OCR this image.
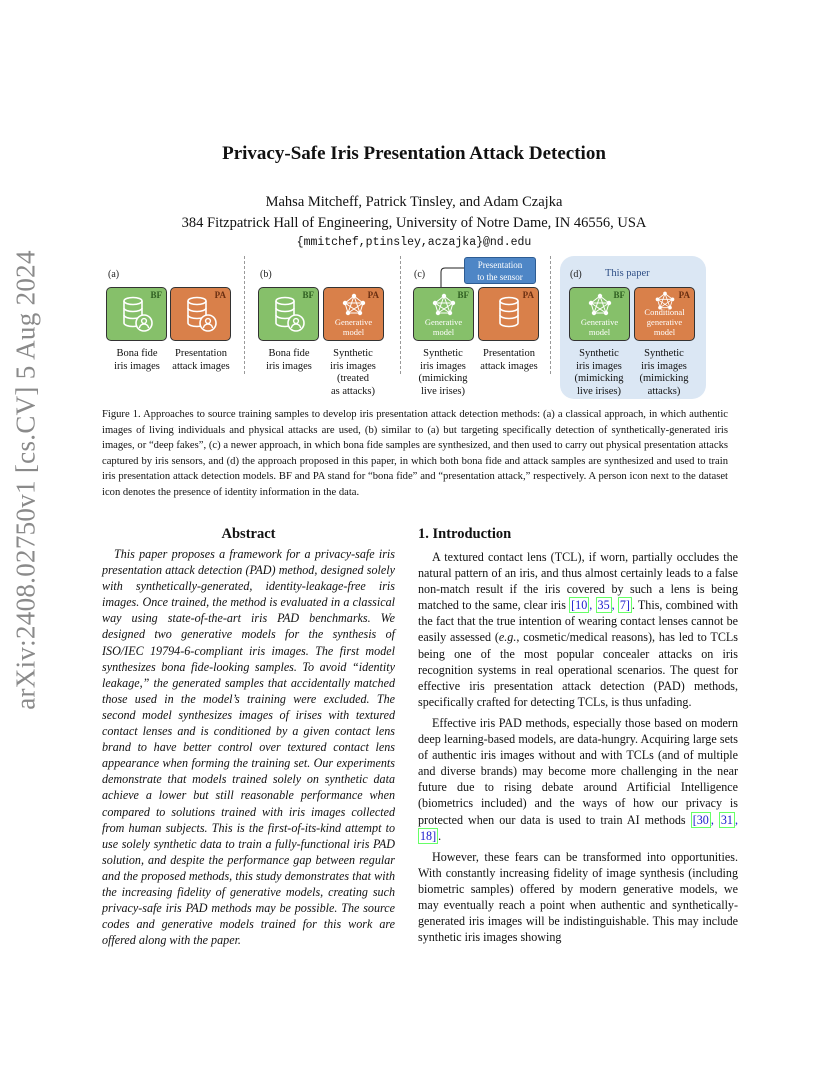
arXiv:2408.02750v1 [cs.CV] 5 Aug 2024
Privacy-Safe Iris Presentation Attack Detection
Mahsa Mitcheff, Patrick Tinsley, and Adam Czajka
384 Fitzpatrick Hall of Engineering, University of Notre Dame, IN 46556, USA
{mmitchef,ptinsley,aczajka}@nd.edu
(a)
BF	PA
Bona fide
iris images
Presentation
attack images
(b)
BF	PA
Generative
model
Bona fide
iris images
Synthetic
iris images
(treated
as attacks)
(c)
Presentation
to the sensor
BF
Generative
model
PA
Synthetic
iris images
(mimicking
live irises)
Presentation
attack images
(d) This paper
BF
Generative
model
PA
Conditional
generative
model
Synthetic
iris images
(mimicking
live irises)
Synthetic
iris images
(mimicking
attacks)
Figure 1. Approaches to source training samples to develop iris presentation attack detection methods: (a) a classical approach, in which authentic images of living individuals and physical attacks are used, (b) similar to (a) but targeting specifically detection of synthetically-generated iris images, or “deep fakes”, (c) a newer approach, in which bona fide samples are synthesized, and then used to carry out physical presentation attacks captured by iris sensors, and (d) the approach proposed in this paper, in which both bona fide and attack samples are synthesized and used to train iris presentation attack detection models. BF and PA stand for “bona fide” and “presentation attack,” respectively. A person icon next to the dataset icon denotes the presence of identity information in the data.
Abstract

This paper proposes a framework for a privacy-safe iris presentation attack detection (PAD) method, designed solely with synthetically-generated, identity-leakage-free iris images. Once trained, the method is evaluated in a classical way using state-of-the-art iris PAD benchmarks. We designed two generative models for the synthesis of ISO/IEC 19794-6-compliant iris images. The first model synthesizes bona fide-looking samples. To avoid “identity leakage,” the generated samples that accidentally matched those used in the model’s training were excluded. The second model synthesizes images of irises with textured contact lenses and is conditioned by a given contact lens brand to have better control over textured contact lens appearance when forming the training set. Our experiments demonstrate that models trained solely on synthetic data achieve a lower but still reasonable performance when compared to solutions trained with iris images collected from human subjects. This is the first-of-its-kind attempt to use solely synthetic data to train a fully-functional iris PAD solution, and despite the performance gap between regular and the proposed methods, this study demonstrates that with the increasing fidelity of generative models, creating such privacy-safe iris PAD methods may be possible. The source codes and generative models trained for this work are offered along with the paper.

1. Introduction

A textured contact lens (TCL), if worn, partially occludes the natural pattern of an iris, and thus almost certainly leads to a false non-match result if the iris covered by such a lens is being matched to the same, clear iris [10 , 35 , 7] . This, combined with the fact that the true intention of wearing contact lenses cannot be easily assessed (e.g., cosmetic/medical reasons), has led to TCLs being one of the most popular concealer attacks on iris recognition systems in real operational scenarios. The quest for effective iris presentation attack detection (PAD) methods, specifically crafted for detecting TCLs, is thus unfading.

Effective iris PAD methods, especially those based on modern deep learning-based models, are data-hungry. Acquiring large sets of authentic iris images without and with TCLs (and of multiple and diverse brands) may become more challenging in the near future due to rising debate around Artificial Intelligence (biometrics included) and the ways of how our privacy is protected when our data is used to train AI methods [30 , 31 , 18] .

However, these fears can be transformed into opportunities. With constantly increasing fidelity of image synthesis (including biometric samples) offered by modern generative models, we may eventually reach a point when authentic and synthetically-generated iris images will be indistinguishable. This may include synthetic iris images showing
